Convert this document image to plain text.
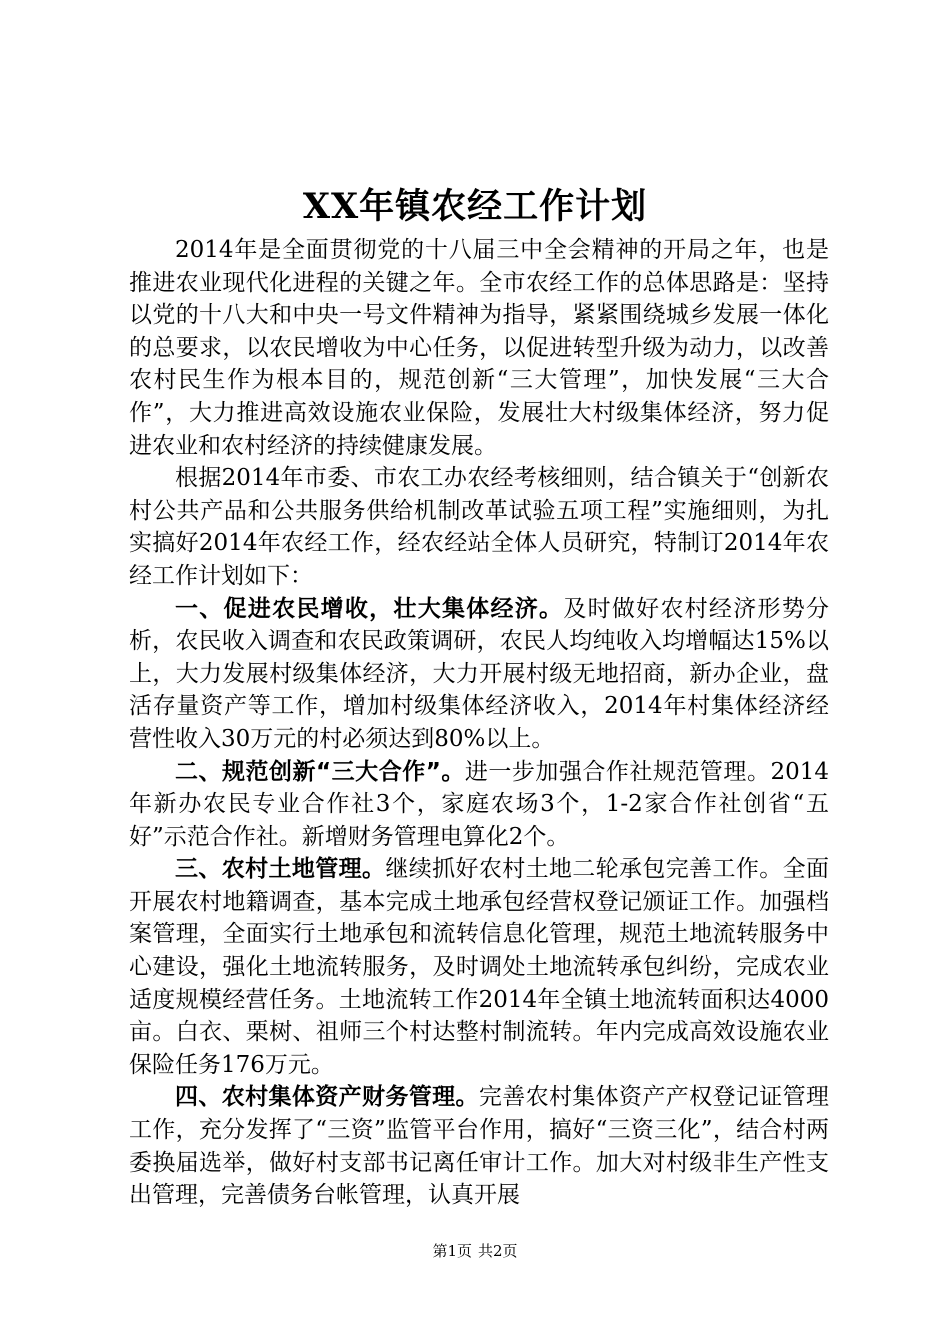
XX年镇农经工作计划

2014年是全面贯彻党的十八届三中全会精神的开局之年，也是推进农业现代化进程的关键之年。全市农经工作的总体思路是：坚持以党的十八大和中央一号文件精神为指导，紧紧围绕城乡发展一体化的总要求，以农民增收为中心任务，以促进转型升级为动力，以改善农村民生作为根本目的，规范创新“三大管理”，加快发展“三大合作”，大力推进高效设施农业保险，发展壮大村级集体经济，努力促进农业和农村经济的持续健康发展。

根据2014年市委、市农工办农经考核细则，结合镇关于“创新农村公共产品和公共服务供给机制改革试验五项工程”实施细则，为扎实搞好2014年农经工作，经农经站全体人员研究，特制订2014年农经工作计划如下：

一、促进农民增收，壮大集体经济。及时做好农村经济形势分析，农民收入调查和农民政策调研，农民人均纯收入均增幅达15%以上，大力发展村级集体经济，大力开展村级无地招商，新办企业，盘活存量资产等工作，增加村级集体经济收入，2014年村集体经济经营性收入30万元的村必须达到80%以上。

二、规范创新“三大合作”。进一步加强合作社规范管理。2014年新办农民专业合作社3个，家庭农场3个，1-2家合作社创省“五好”示范合作社。新增财务管理电算化2个。

三、农村土地管理。继续抓好农村土地二轮承包完善工作。全面开展农村地籍调查，基本完成土地承包经营权登记颁证工作。加强档案管理，全面实行土地承包和流转信息化管理，规范土地流转服务中心建设，强化土地流转服务，及时调处土地流转承包纠纷，完成农业适度规模经营任务。土地流转工作2014年全镇土地流转面积达4000亩。白衣、栗树、祖师三个村达整村制流转。年内完成高效设施农业保险任务176万元。

四、农村集体资产财务管理。完善农村集体资产产权登记证管理工作，充分发挥了“三资”监管平台作用，搞好“三资三化”，结合村两委换届选举，做好村支部书记离任审计工作。加大对村级非生产性支出管理，完善债务台帐管理，认真开展

第1页 共2页
